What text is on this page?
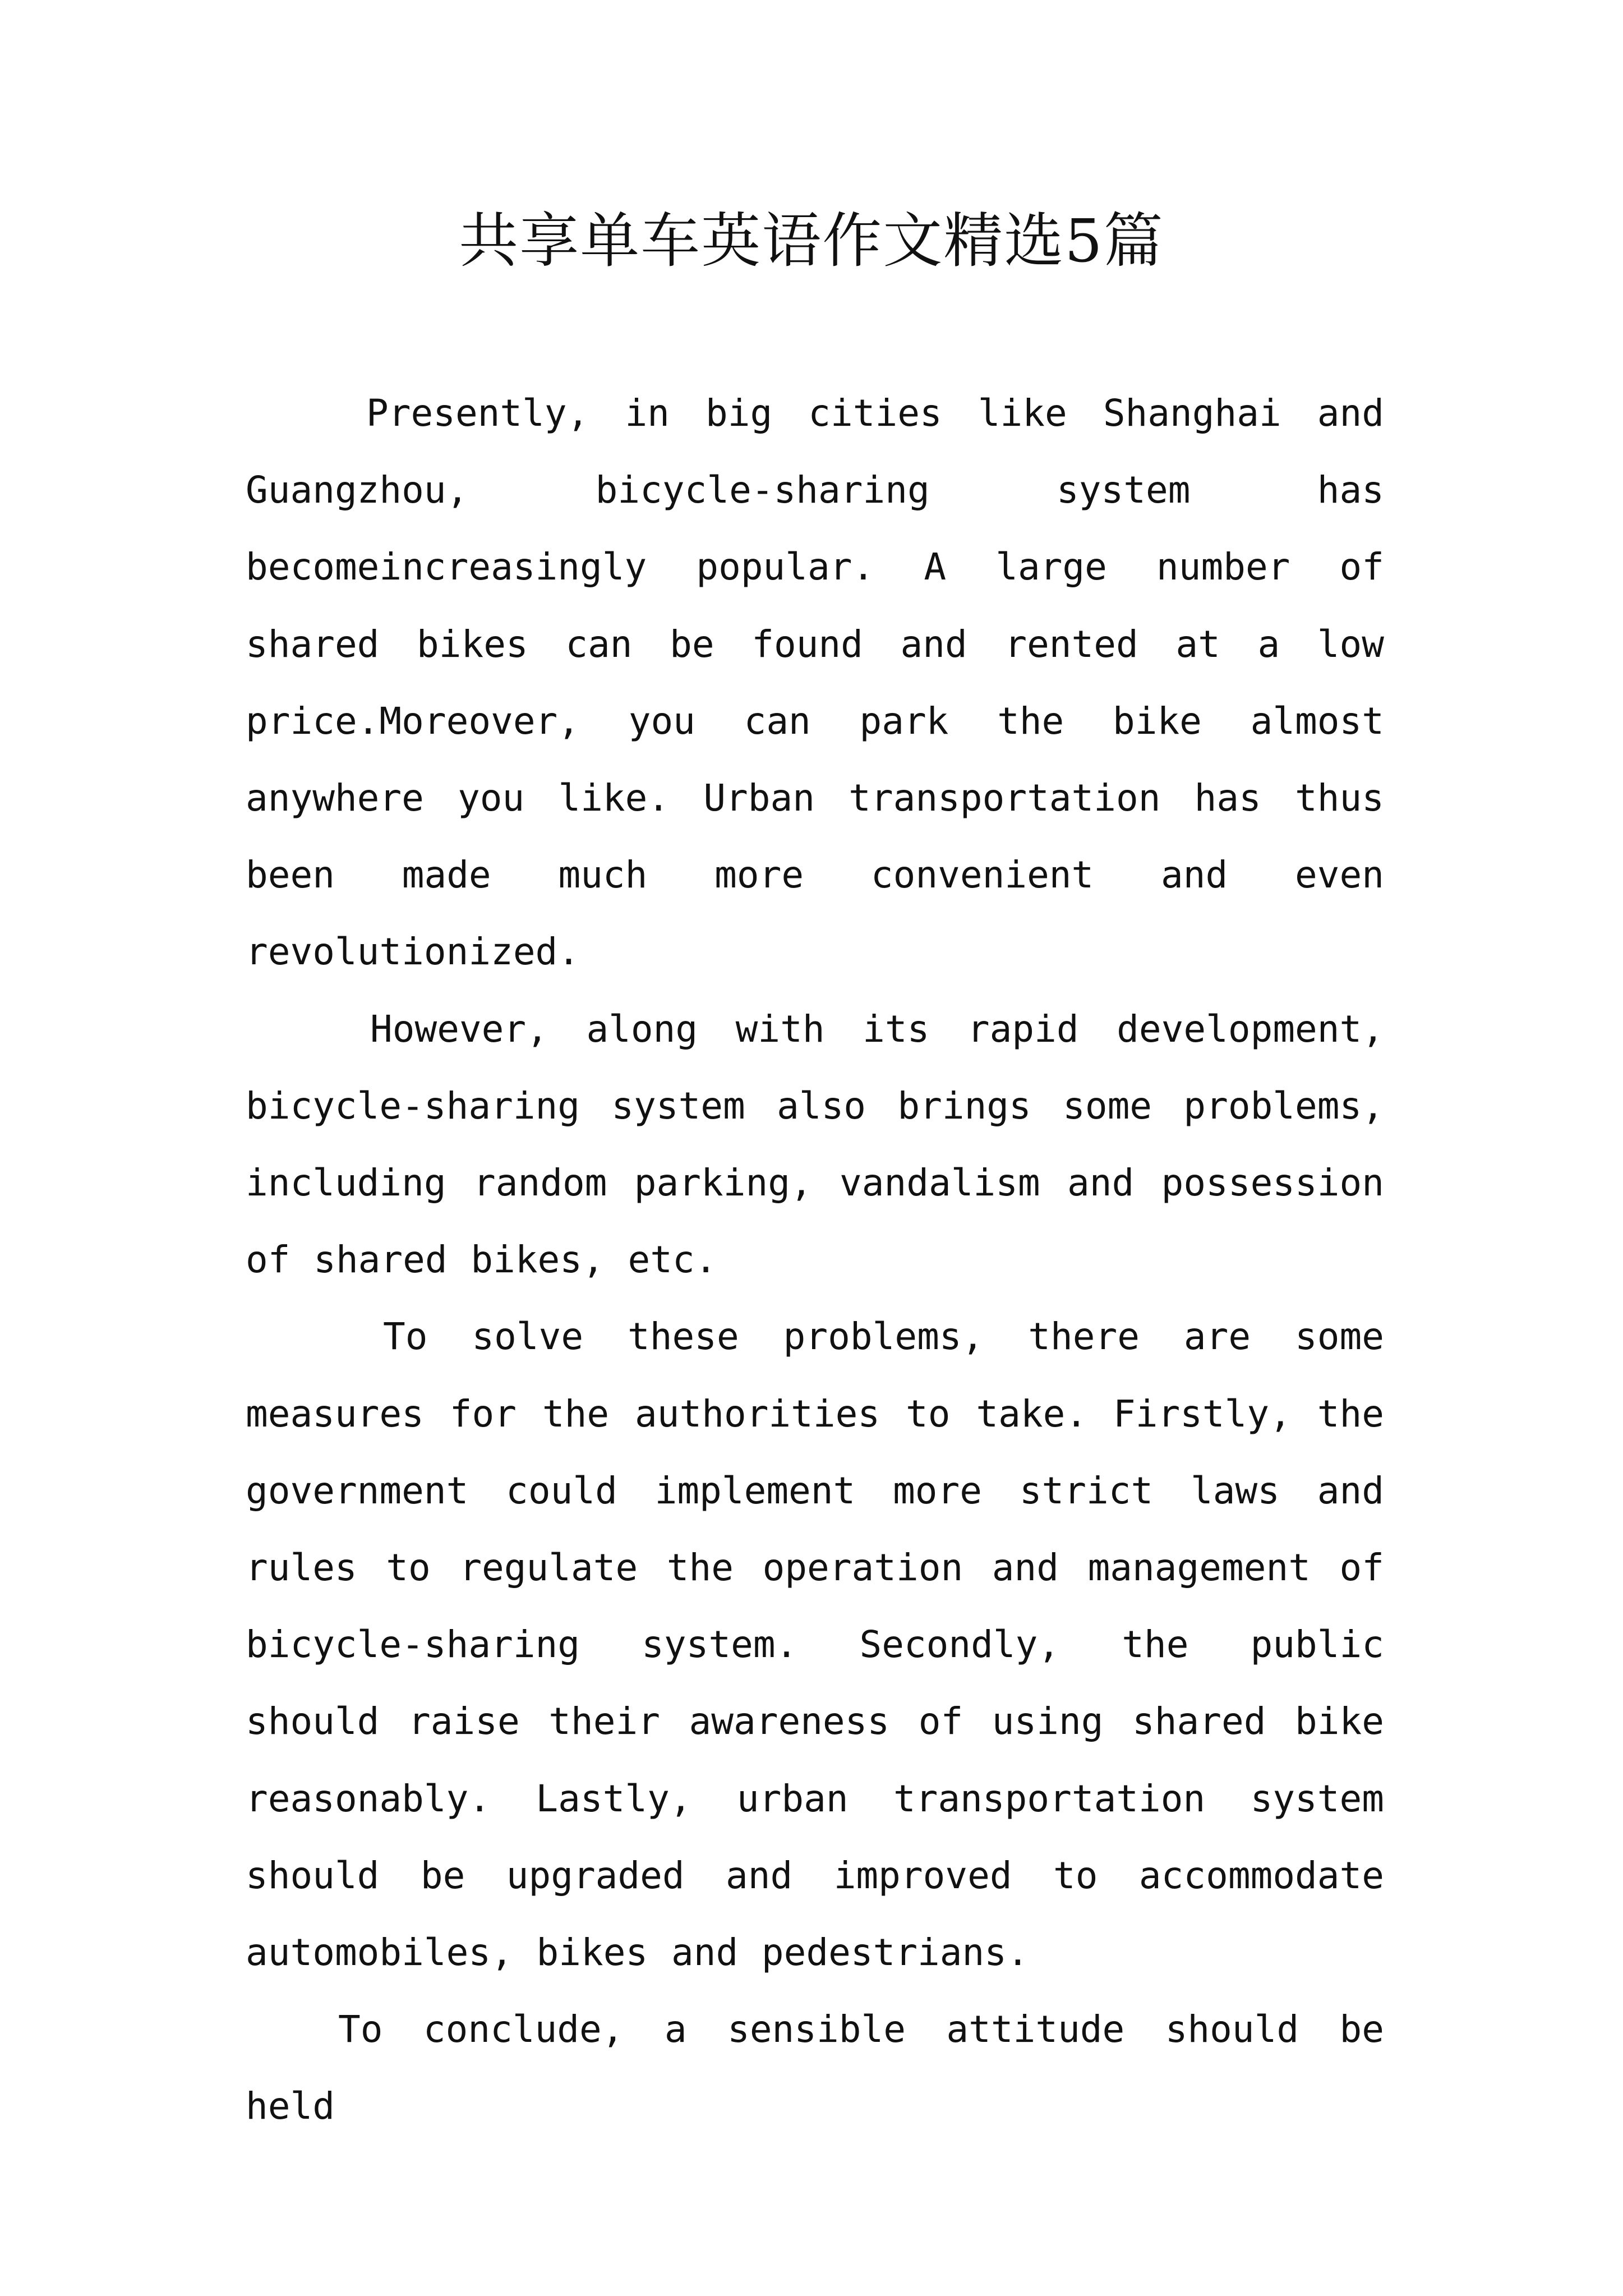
共享单车英语作文精选5篇

Presently, in big cities like Shanghai and Guangzhou, bicycle-sharing system has becomeincreasingly popular. A large number of shared bikes can be found and rented at a low price.Moreover, you can park the bike almost anywhere you like. Urban transportation has thus been made much more convenient and even revolutionized.

However, along with its rapid development, bicycle-sharing system also brings some problems, including random parking, vandalism and possession of shared bikes, etc.

To solve these problems, there are some measures for the authorities to take. Firstly, the government could implement more strict laws and rules to regulate the operation and management of bicycle-sharing system. Secondly, the public should raise their awareness of using shared bike reasonably. Lastly, urban transportation system should be upgraded and improved to accommodate automobiles, bikes and pedestrians.

To conclude, a sensible attitude should be held
